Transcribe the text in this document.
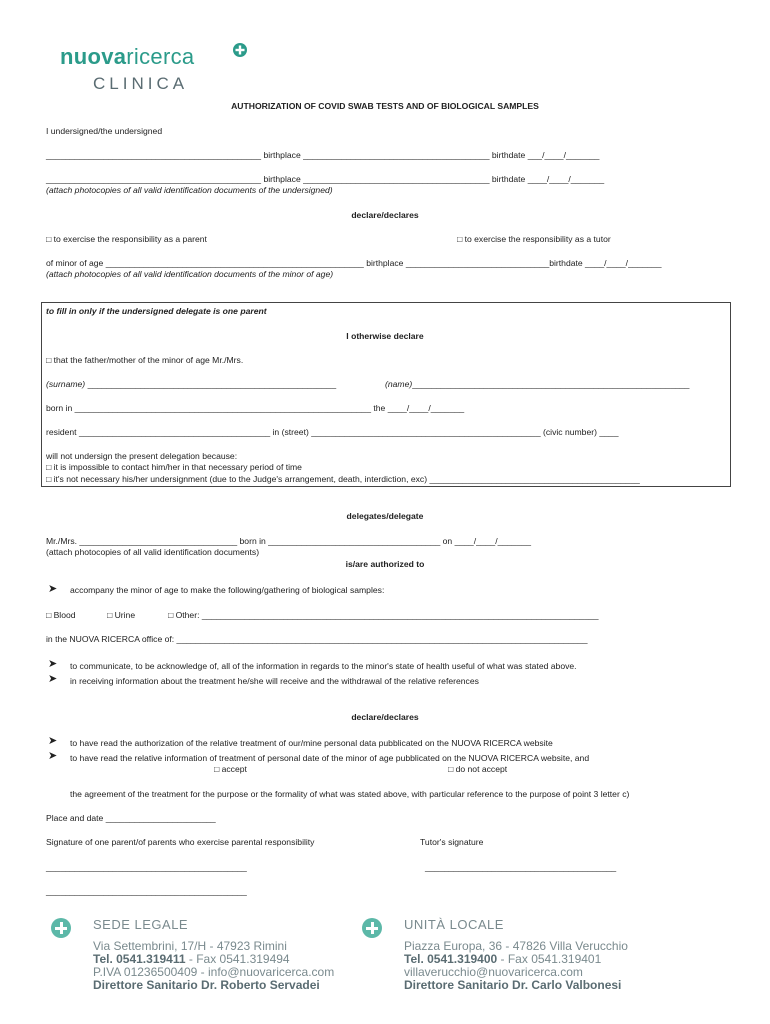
nuovaricerca
CLINICA
AUTHORIZATION OF COVID SWAB TESTS AND OF BIOLOGICAL SAMPLES
I undersigned/the undersigned
_____________________________________________ birthplace _______________________________________ birthdate ___/____/_______
_____________________________________________ birthplace _______________________________________ birthdate ____/____/_______
(attach photocopies of all valid identification documents of the undersigned)
declare/declares
□ to exercise the responsibility as a parent	□ to exercise the responsibility as a tutor
of minor of age ______________________________________________________ birthplace ______________________________birthdate ____/____/_______
(attach photocopies of all valid identification documents of the minor of age)
to fill in only if the undersigned delegate is one parent
I otherwise declare
□ that the father/mother of the minor of age Mr./Mrs.
(surname) ____________________________________________________	(name)__________________________________________________________
born in ______________________________________________________________ the ____/____/_______
resident ________________________________________ in (street) ________________________________________________ (civic number) ____
will not undersign the present delegation because:
□ it is impossible to contact him/her in that necessary period of time
□ it's not necessary his/her undersignment (due to the Judge's arrangement, death, interdiction, exc) ____________________________________________
delegates/delegate
Mr./Mrs. _________________________________ born in ____________________________________ on ____/____/_______
(attach photocopies of all valid identification documents)
is/are authorized to
➤ accompany the minor of age to make the following/gathering of biological samples:
□ Blood	□ Urine	□ Other: ___________________________________________________________________________________
in the NUOVA RICERCA office of: ______________________________________________________________________________________
➤ to communicate, to be acknowledge of, all of the information in regards to the minor's state of health useful of what was stated above.
➤ in receiving information about the treatment he/she will receive and the withdrawal of the relative references
declare/declares
➤ to have read the authorization of the relative treatment of our/mine personal data pubblicated on the NUOVA RICERCA website
➤ to have read the relative information of treatment of personal date of the minor of age pubblicated on the NUOVA RICERCA website, and
□ accept	□ do not accept
the agreement of the treatment for the purpose or the formality of what was stated above, with particular reference to the purpose of point 3 letter c)
Place and date _______________________
Signature of one parent/of parents who exercise parental responsibility	Tutor's signature
__________________________________________	________________________________________
__________________________________________
SEDE LEGALE
Via Settembrini, 17/H - 47923 Rimini
Tel. 0541.319411 - Fax 0541.319494
P.IVA 01236500409 - info@nuovaricerca.com
Direttore Sanitario Dr. Roberto Servadei
UNITÀ LOCALE
Piazza Europa, 36 - 47826 Villa Verucchio
Tel. 0541.319400 - Fax 0541.319401
villaverucchio@nuovaricerca.com
Direttore Sanitario Dr. Carlo Valbonesi
